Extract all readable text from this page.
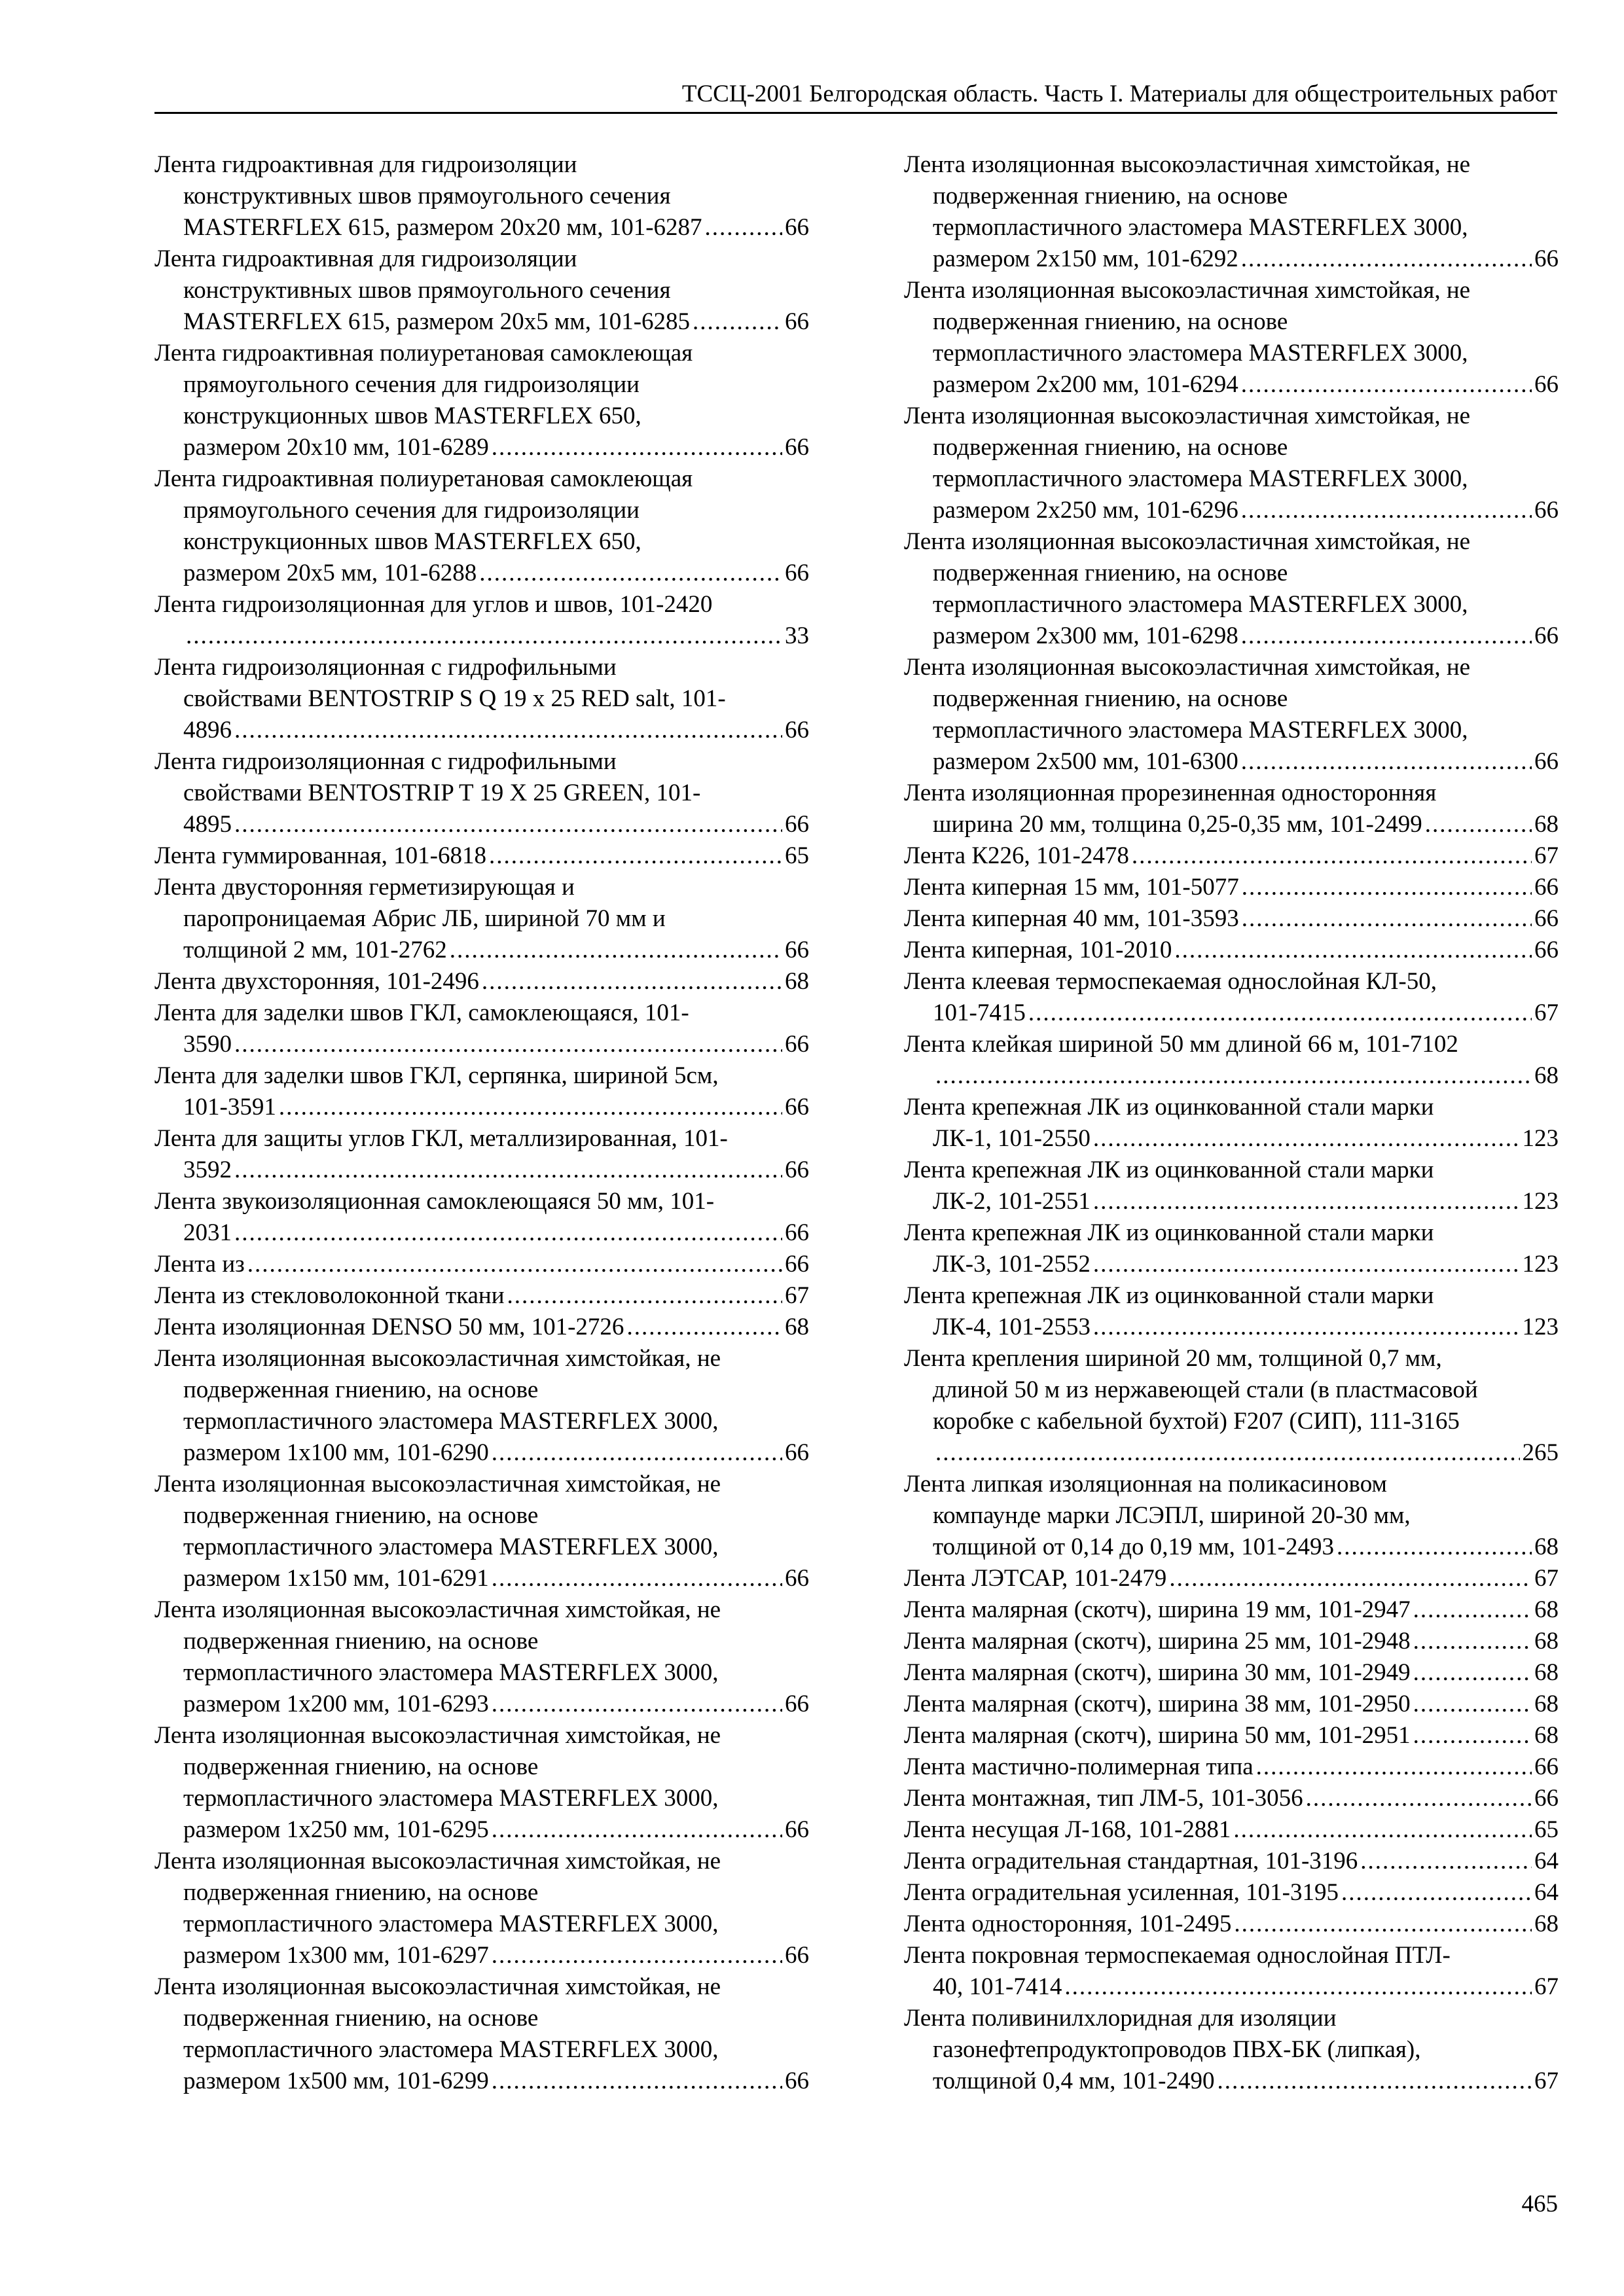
ТССЦ-2001 Белгородская область. Часть I. Материалы для общестроительных работ
Лента гидроактивная для гидроизоляции
конструктивных швов прямоугольного сечения
MASTERFLEX 615, размером 20х20 мм, 101-6287 .....	66
Лента гидроактивная для гидроизоляции
конструктивных швов прямоугольного сечения
MASTERFLEX 615, размером 20х5 мм, 101-6285 .....	66
Лента гидроактивная полиуретановая самоклеющая
прямоугольного сечения для гидроизоляции
конструкционных швов MASTERFLEX 650,
размером 20х10 мм, 101-6289 .....	66
Лента гидроактивная полиуретановая самоклеющая
прямоугольного сечения для гидроизоляции
конструкционных швов MASTERFLEX 650,
размером 20х5 мм, 101-6288 .....	66
Лента гидроизоляционная для углов и швов, 101-2420
.....
33
Лента гидроизоляционная с гидрофильными
свойствами BENTOSTRIP S Q 19 x 25 RED salt, 101-
4896 .....	66
Лента гидроизоляционная с гидрофильными
свойствами BENTOSTRIP T 19 X 25 GREEN, 101-
4895 .....	66
Лента гуммированная, 101-6818 .....	65
Лента двусторонняя герметизирующая и
паропроницаемая Абрис ЛБ, шириной 70 мм и
толщиной 2 мм, 101-2762 .....	66
Лента двухсторонняя, 101-2496 .....	68
Лента для заделки швов ГКЛ, самоклеющаяся, 101-
3590 .....	66
Лента для заделки швов ГКЛ, серпянка, шириной 5см,
101-3591 .....	66
Лента для защиты углов ГКЛ, металлизированная, 101-
3592 .....	66
Лента звукоизоляционная самоклеющаяся 50 мм, 101-
2031 .....	66
Лента из .....	66
Лента из стекловолоконной ткани .....	67
Лента изоляционная DENSO 50 мм, 101-2726 .....	68
Лента изоляционная высокоэластичная химстойкая, не
подверженная гниению, на основе
термопластичного эластомера MASTERFLEX 3000,
размером 1х100 мм, 101-6290 .....	66
Лента изоляционная высокоэластичная химстойкая, не
подверженная гниению, на основе
термопластичного эластомера MASTERFLEX 3000,
размером 1х150 мм, 101-6291 .....	66
Лента изоляционная высокоэластичная химстойкая, не
подверженная гниению, на основе
термопластичного эластомера MASTERFLEX 3000,
размером 1х200 мм, 101-6293 .....	66
Лента изоляционная высокоэластичная химстойкая, не
подверженная гниению, на основе
термопластичного эластомера MASTERFLEX 3000,
размером 1х250 мм, 101-6295 .....	66
Лента изоляционная высокоэластичная химстойкая, не
подверженная гниению, на основе
термопластичного эластомера MASTERFLEX 3000,
размером 1х300 мм, 101-6297 .....	66
Лента изоляционная высокоэластичная химстойкая, не
подверженная гниению, на основе
термопластичного эластомера MASTERFLEX 3000,
размером 1х500 мм, 101-6299 .....	66
Лента изоляционная высокоэластичная химстойкая, не
подверженная гниению, на основе
термопластичного эластомера MASTERFLEX 3000,
размером 2х150 мм, 101-6292 .....	66
Лента изоляционная высокоэластичная химстойкая, не
подверженная гниению, на основе
термопластичного эластомера MASTERFLEX 3000,
размером 2х200 мм, 101-6294 .....	66
Лента изоляционная высокоэластичная химстойкая, не
подверженная гниению, на основе
термопластичного эластомера MASTERFLEX 3000,
размером 2х250 мм, 101-6296 .....	66
Лента изоляционная высокоэластичная химстойкая, не
подверженная гниению, на основе
термопластичного эластомера MASTERFLEX 3000,
размером 2х300 мм, 101-6298 .....	66
Лента изоляционная высокоэластичная химстойкая, не
подверженная гниению, на основе
термопластичного эластомера MASTERFLEX 3000,
размером 2х500 мм, 101-6300 .....	66
Лента изоляционная прорезиненная односторонняя
ширина 20 мм, толщина 0,25-0,35 мм, 101-2499 .....	68
Лента К226, 101-2478 .....	67
Лента киперная 15 мм, 101-5077 .....	66
Лента киперная 40 мм, 101-3593 .....	66
Лента киперная, 101-2010 .....	66
Лента клеевая термоспекаемая однослойная КЛ-50,
101-7415 .....	67
Лента клейкая шириной 50 мм длиной 66 м, 101-7102
.....
68
Лента крепежная ЛК из оцинкованной стали марки
ЛК-1, 101-2550 .....	123
Лента крепежная ЛК из оцинкованной стали марки
ЛК-2, 101-2551 .....	123
Лента крепежная ЛК из оцинкованной стали марки
ЛК-3, 101-2552 .....	123
Лента крепежная ЛК из оцинкованной стали марки
ЛК-4, 101-2553 .....	123
Лента крепления шириной 20 мм, толщиной 0,7 мм,
длиной 50 м из нержавеющей стали (в пластмасовой
коробке с кабельной бухтой) F207 (СИП), 111-3165
.....
265
Лента липкая изоляционная на поликасиновом
компаунде марки ЛСЭПЛ, шириной 20-30 мм,
толщиной от 0,14 до 0,19 мм, 101-2493 .....	68
Лента ЛЭТСАР, 101-2479 .....	67
Лента малярная (скотч), ширина 19 мм, 101-2947 .....	68
Лента малярная (скотч), ширина 25 мм, 101-2948 .....	68
Лента малярная (скотч), ширина 30 мм, 101-2949 .....	68
Лента малярная (скотч), ширина 38 мм, 101-2950 .....	68
Лента малярная (скотч), ширина 50 мм, 101-2951 .....	68
Лента мастично-полимерная типа .....	66
Лента монтажная, тип ЛМ-5, 101-3056 .....	66
Лента несущая Л-168, 101-2881 .....	65
Лента оградительная стандартная, 101-3196 .....	64
Лента оградительная усиленная, 101-3195 .....	64
Лента односторонняя, 101-2495 .....	68
Лента покровная термоспекаемая однослойная ПТЛ-
40, 101-7414 .....	67
Лента поливинилхлоридная для изоляции
газонефтепродуктопроводов ПВХ-БК (липкая),
толщиной 0,4 мм, 101-2490 .....	67
465
